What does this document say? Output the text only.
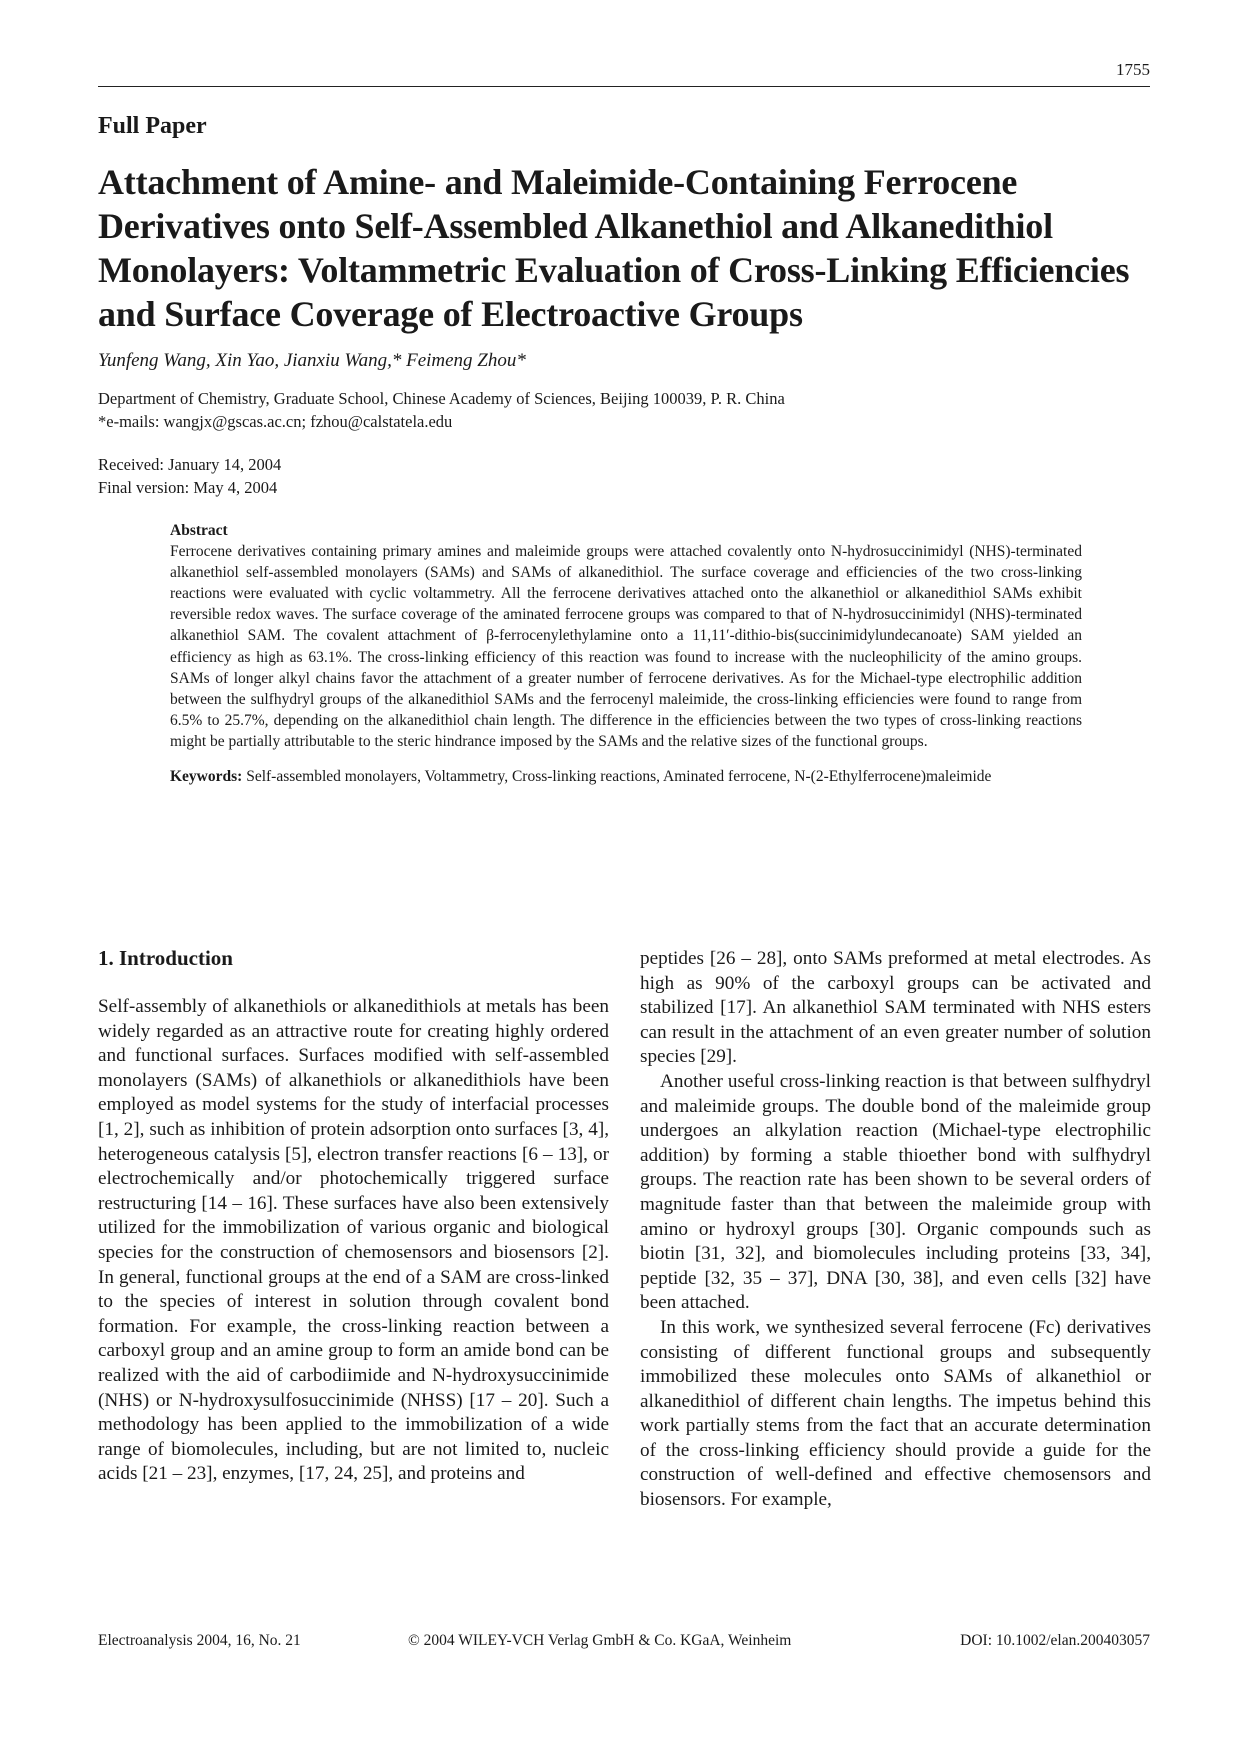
1755
Full Paper
Attachment of Amine- and Maleimide-Containing Ferrocene Derivatives onto Self-Assembled Alkanethiol and Alkanedithiol Monolayers: Voltammetric Evaluation of Cross-Linking Efficiencies and Surface Coverage of Electroactive Groups
Yunfeng Wang, Xin Yao, Jianxiu Wang,* Feimeng Zhou*
Department of Chemistry, Graduate School, Chinese Academy of Sciences, Beijing 100039, P. R. China
*e-mails: wangjx@gscas.ac.cn; fzhou@calstatela.edu
Received: January 14, 2004
Final version: May 4, 2004
Abstract
Ferrocene derivatives containing primary amines and maleimide groups were attached covalently onto N-hydrosuccinimidyl (NHS)-terminated alkanethiol self-assembled monolayers (SAMs) and SAMs of alkanedithiol. The surface coverage and efficiencies of the two cross-linking reactions were evaluated with cyclic voltammetry. All the ferrocene derivatives attached onto the alkanethiol or alkanedithiol SAMs exhibit reversible redox waves. The surface coverage of the aminated ferrocene groups was compared to that of N-hydrosuccinimidyl (NHS)-terminated alkanethiol SAM. The covalent attachment of β-ferrocenylethylamine onto a 11,11′-dithio-bis(succinimidylundecanoate) SAM yielded an efficiency as high as 63.1%. The cross-linking efficiency of this reaction was found to increase with the nucleophilicity of the amino groups. SAMs of longer alkyl chains favor the attachment of a greater number of ferrocene derivatives. As for the Michael-type electrophilic addition between the sulfhydryl groups of the alkanedithiol SAMs and the ferrocenyl maleimide, the cross-linking efficiencies were found to range from 6.5% to 25.7%, depending on the alkanedithiol chain length. The difference in the efficiencies between the two types of cross-linking reactions might be partially attributable to the steric hindrance imposed by the SAMs and the relative sizes of the functional groups.
Keywords: Self-assembled monolayers, Voltammetry, Cross-linking reactions, Aminated ferrocene, N-(2-Ethylferrocene)maleimide
1. Introduction

Self-assembly of alkanethiols or alkanedithiols at metals has been widely regarded as an attractive route for creating highly ordered and functional surfaces. Surfaces modified with self-assembled monolayers (SAMs) of alkanethiols or alkanedithiols have been employed as model systems for the study of interfacial processes [1, 2], such as inhibition of protein adsorption onto surfaces [3, 4], heterogeneous catalysis [5], electron transfer reactions [6 – 13], or electrochemically and/or photochemically triggered surface restructuring [14 – 16]. These surfaces have also been extensively utilized for the immobilization of various organic and biological species for the construction of chemosensors and biosensors [2]. In general, functional groups at the end of a SAM are cross-linked to the species of interest in solution through covalent bond formation. For example, the cross-linking reaction between a carboxyl group and an amine group to form an amide bond can be realized with the aid of carbodiimide and N-hydroxysuccinimide (NHS) or N-hydroxysulfosuccinimide (NHSS) [17 – 20]. Such a methodology has been applied to the immobilization of a wide range of biomolecules, including, but are not limited to, nucleic acids [21 – 23], enzymes, [17, 24, 25], and proteins and

peptides [26 – 28], onto SAMs preformed at metal electrodes. As high as 90% of the carboxyl groups can be activated and stabilized [17]. An alkanethiol SAM terminated with NHS esters can result in the attachment of an even greater number of solution species [29].

Another useful cross-linking reaction is that between sulfhydryl and maleimide groups. The double bond of the maleimide group undergoes an alkylation reaction (Michael-type electrophilic addition) by forming a stable thioether bond with sulfhydryl groups. The reaction rate has been shown to be several orders of magnitude faster than that between the maleimide group with amino or hydroxyl groups [30]. Organic compounds such as biotin [31, 32], and biomolecules including proteins [33, 34], peptide [32, 35 – 37], DNA [30, 38], and even cells [32] have been attached.

In this work, we synthesized several ferrocene (Fc) derivatives consisting of different functional groups and subsequently immobilized these molecules onto SAMs of alkanethiol or alkanedithiol of different chain lengths. The impetus behind this work partially stems from the fact that an accurate determination of the cross-linking efficiency should provide a guide for the construction of well-defined and effective chemosensors and biosensors. For example,

Electroanalysis 2004, 16, No. 21	© 2004 WILEY-VCH Verlag GmbH & Co. KGaA, Weinheim	DOI: 10.1002/elan.200403057
